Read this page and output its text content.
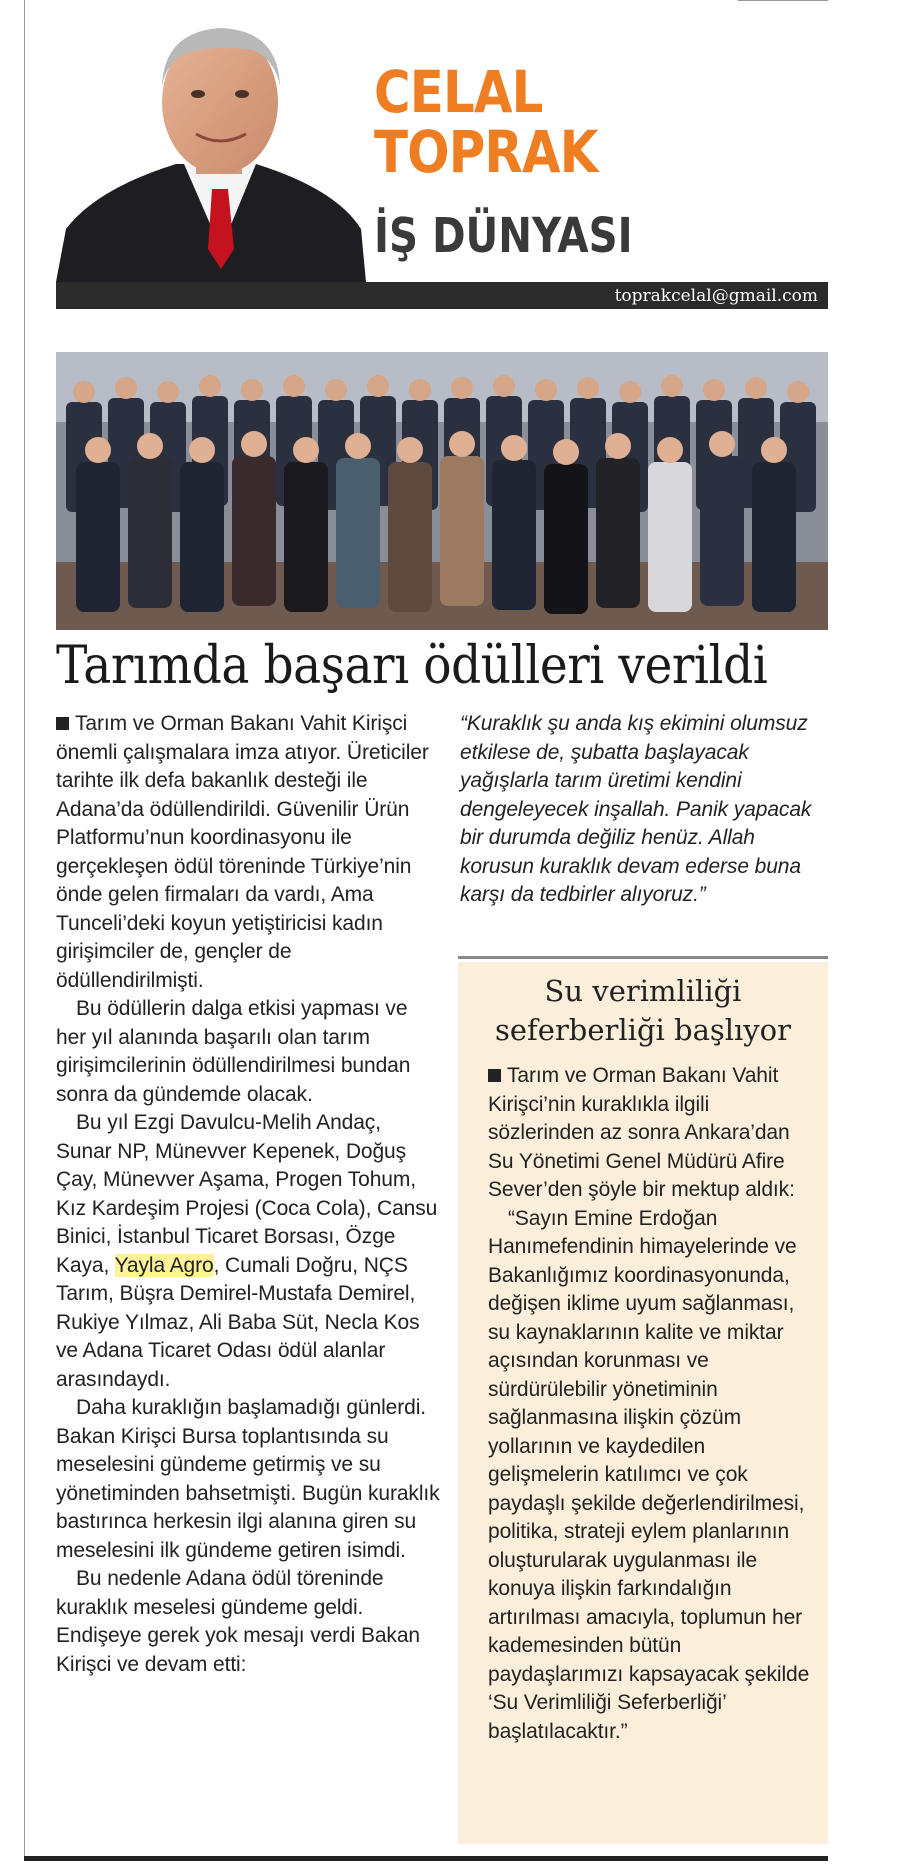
CELAL
TOPRAK
İŞ DÜNYASI
toprakcelal@gmail.com
Tarımda başarı ödülleri verildi

Tarım ve Orman Bakanı Vahit Kirişci önemli çalışmalara imza atıyor. Üreticiler tarihte ilk defa bakanlık desteği ile Adana’da ödüllendirildi. Güvenilir Ürün Platformu’nun koordinasyonu ile gerçekleşen ödül töreninde Türkiye’nin önde gelen firmaları da vardı, Ama Tunceli’deki koyun yetiştiricisi kadın girişimciler de, gençler de ödüllendirilmişti.

Bu ödüllerin dalga etkisi yapması ve her yıl alanında başarılı olan tarım girişimcilerinin ödüllendirilmesi bundan sonra da gündemde olacak.

Bu yıl Ezgi Davulcu-Melih Andaç, Sunar NP, Münevver Kepenek, Doğuş Çay, Münevver Aşama, Progen Tohum, Kız Kardeşim Projesi (Coca Cola), Cansu Binici, İstanbul Ticaret Borsası, Özge Kaya, Yayla Agro, Cumali Doğru, NÇS Tarım, Büşra Demirel-Mustafa Demirel, Rukiye Yılmaz, Ali Baba Süt, Necla Kos ve Adana Ticaret Odası ödül alanlar arasındaydı.

Daha kuraklığın başlamadığı günlerdi. Bakan Kirişci Bursa toplantısında su meselesini gündeme getirmiş ve su yönetiminden bahsetmişti. Bugün kuraklık bastırınca herkesin ilgi alanına giren su meselesini ilk gündeme getiren isimdi.

Bu nedenle Adana ödül töreninde kuraklık meselesi gündeme geldi. Endişeye gerek yok mesajı verdi Bakan Kirişci ve devam etti:

“Kuraklık şu anda kış ekimini olumsuz etkilese de, şubatta başlayacak yağışlarla tarım üretimi kendini dengeleyecek inşallah. Panik yapacak bir durumda değiliz henüz. Allah korusun kuraklık devam ederse buna karşı da tedbirler alıyoruz.”
Su verimliliği
seferberliği başlıyor

Tarım ve Orman Bakanı Vahit Kirişci’nin kuraklıkla ilgili sözlerinden az sonra Ankara’dan Su Yönetimi Genel Müdürü Afire Sever’den şöyle bir mektup aldık:

“Sayın Emine Erdoğan Hanımefendinin himayelerinde ve Bakanlığımız koordinasyonunda, değişen iklime uyum sağlanması, su kaynaklarının kalite ve miktar açısından korunması ve sürdürülebilir yönetiminin sağlanmasına ilişkin çözüm yollarının ve kaydedilen gelişmelerin katılımcı ve çok paydaşlı şekilde değerlendirilmesi, politika, strateji eylem planlarının oluşturularak uygulanması ile konuya ilişkin farkındalığın artırılması amacıyla, toplumun her kademesinden bütün paydaşlarımızı kapsayacak şekilde ‘Su Verimliliği Seferberliği’ başlatılacaktır.”
